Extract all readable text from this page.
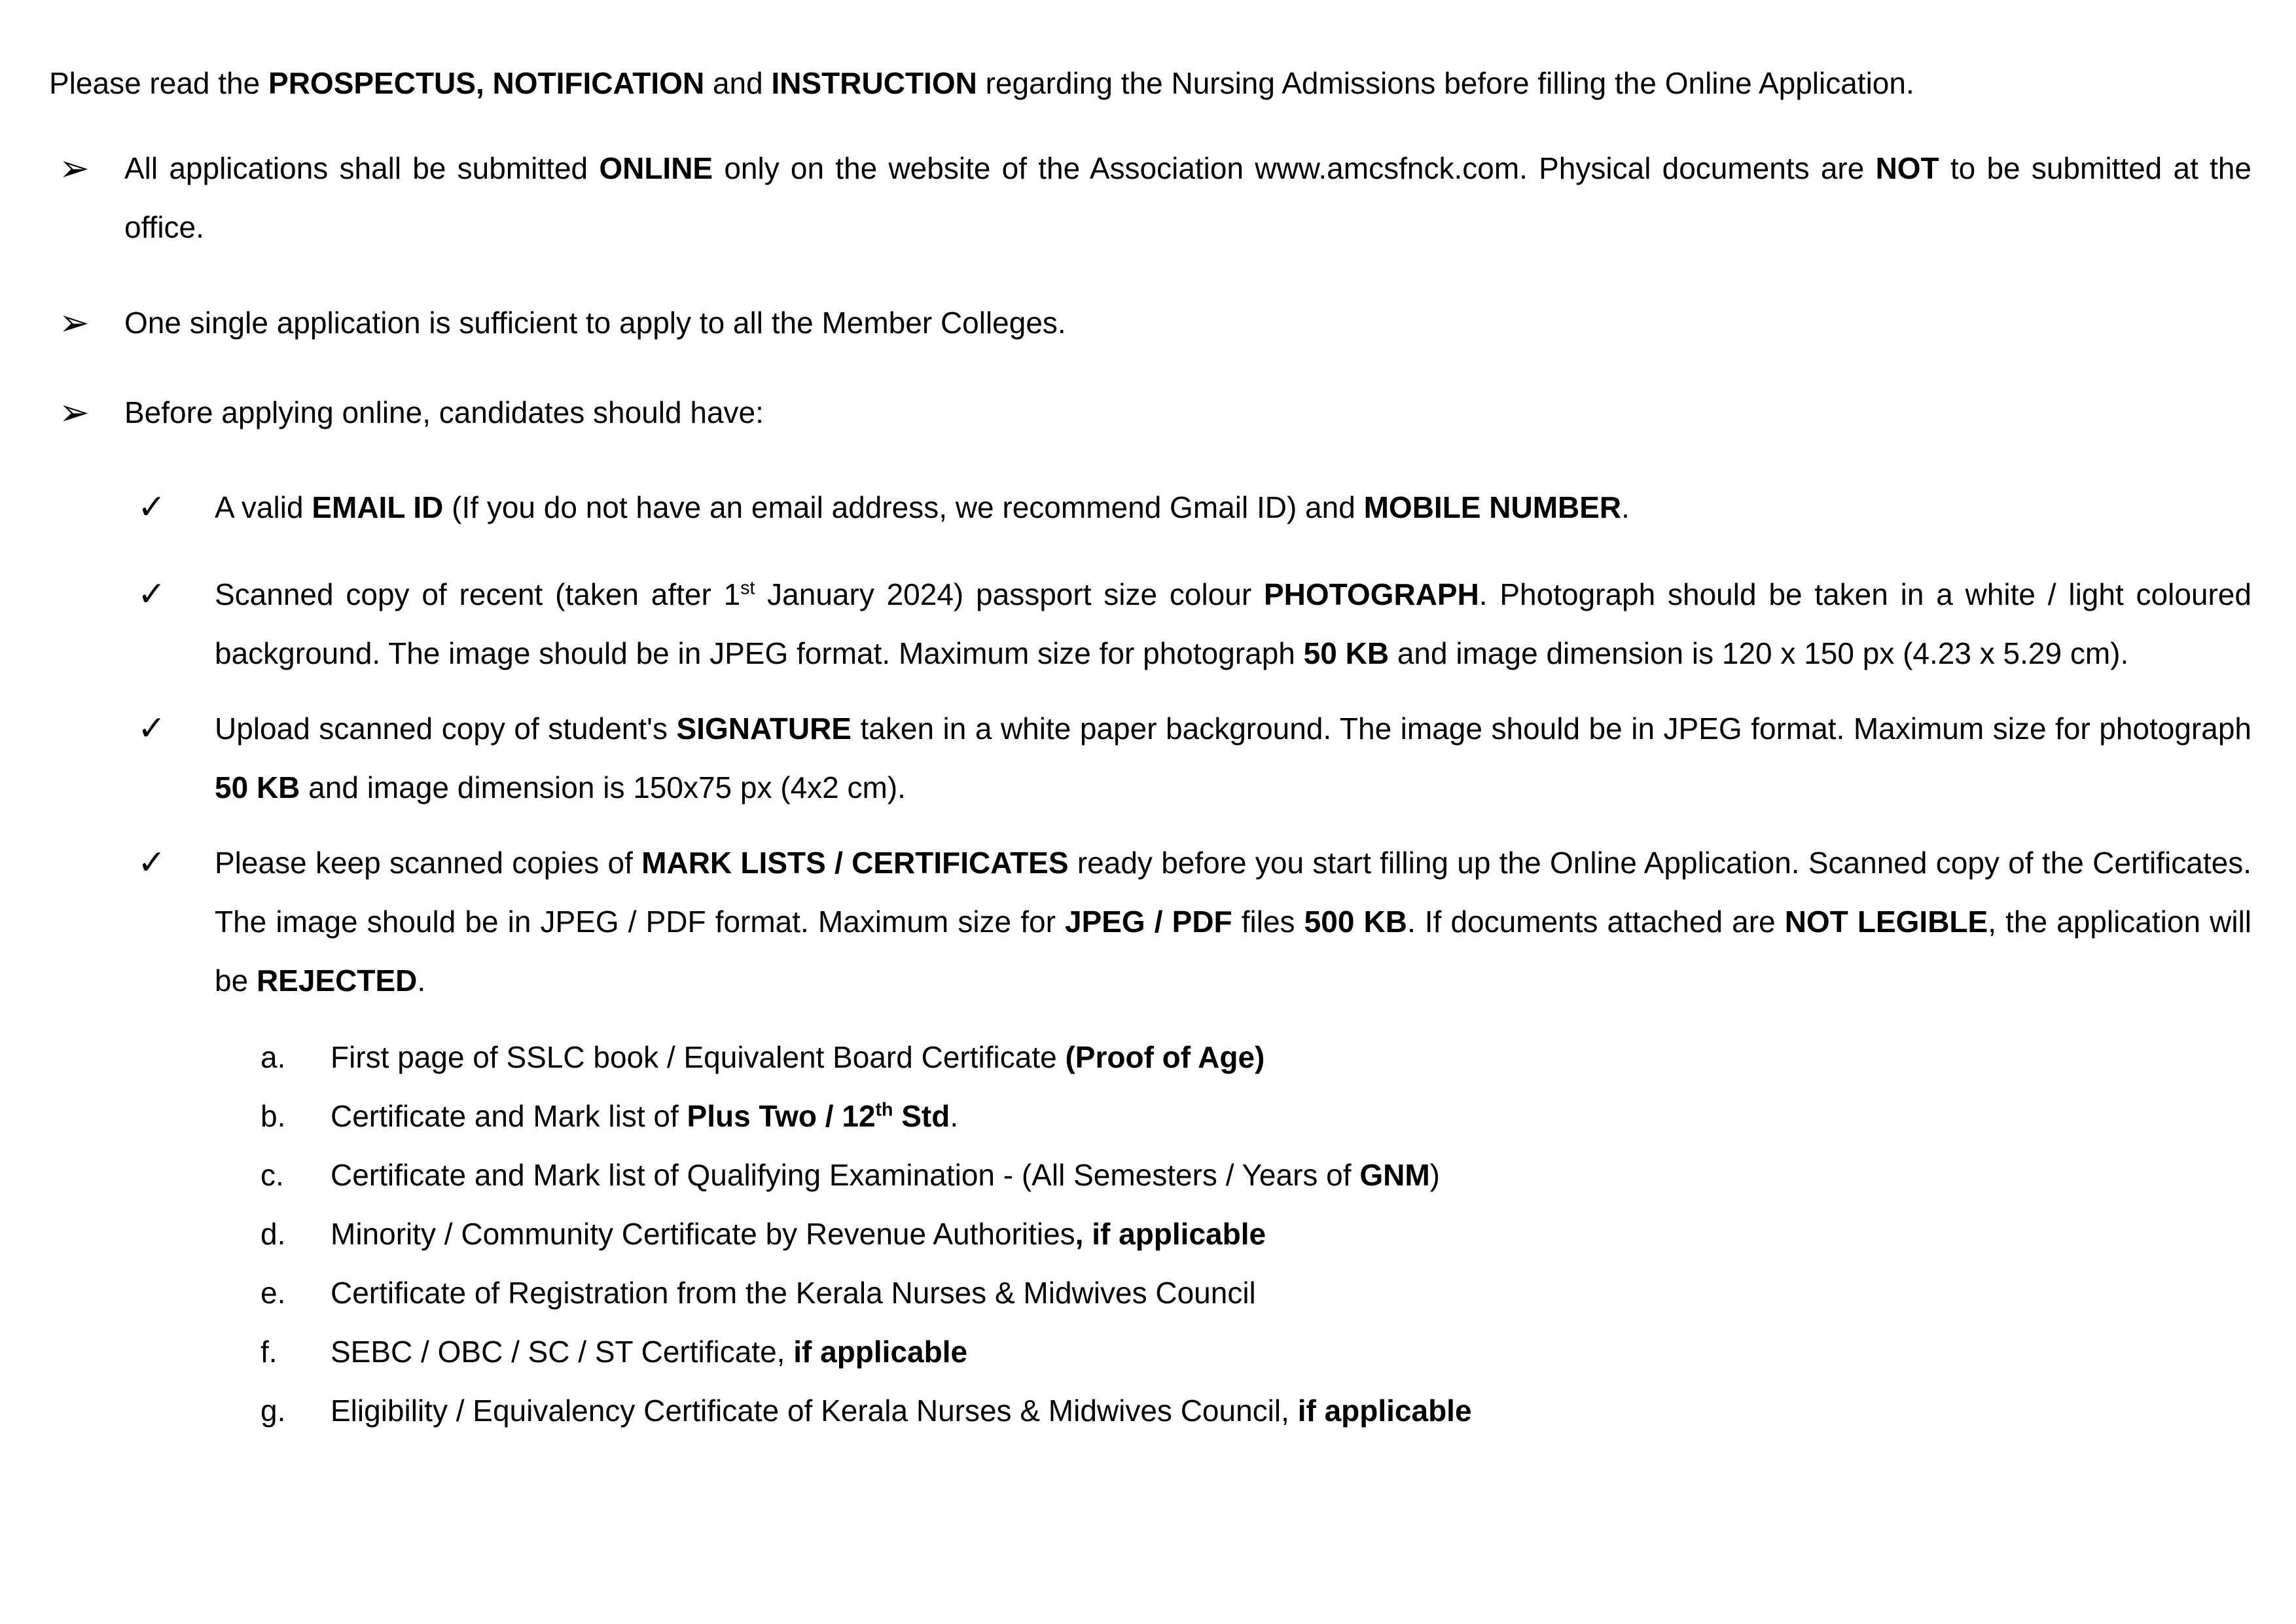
Please read the PROSPECTUS, NOTIFICATION and INSTRUCTION regarding the Nursing Admissions before filling the Online Application.

➢	All applications shall be submitted ONLINE only on the website of the Association www.amcsfnck.com. Physical documents are NOT to be submitted at the office.

➢	One single application is sufficient to apply to all the Member Colleges.

➢	Before applying online, candidates should have:

✓	A valid EMAIL ID (If you do not have an email address, we recommend Gmail ID) and MOBILE NUMBER.

✓	Scanned copy of recent (taken after 1st January 2024) passport size colour PHOTOGRAPH. Photograph should be taken in a white / light coloured background. The image should be in JPEG format. Maximum size for photograph 50 KB and image dimension is 120 x 150 px (4.23 x 5.29 cm).

✓	Upload scanned copy of student's SIGNATURE taken in a white paper background. The image should be in JPEG format. Maximum size for photograph 50 KB and image dimension is 150x75 px (4x2 cm).

✓	Please keep scanned copies of MARK LISTS / CERTIFICATES ready before you start filling up the Online Application. Scanned copy of the Certificates. The image should be in JPEG / PDF format. Maximum size for JPEG / PDF files 500 KB. If documents attached are NOT LEGIBLE, the application will be REJECTED.

a.	First page of SSLC book / Equivalent Board Certificate (Proof of Age)

b.	Certificate and Mark list of Plus Two / 12th Std.

c.	Certificate and Mark list of Qualifying Examination - (All Semesters / Years of GNM)

d.	Minority / Community Certificate by Revenue Authorities, if applicable

e.	Certificate of Registration from the Kerala Nurses & Midwives Council

f.	SEBC / OBC / SC / ST Certificate, if applicable

g.	Eligibility / Equivalency Certificate of Kerala Nurses & Midwives Council, if applicable
